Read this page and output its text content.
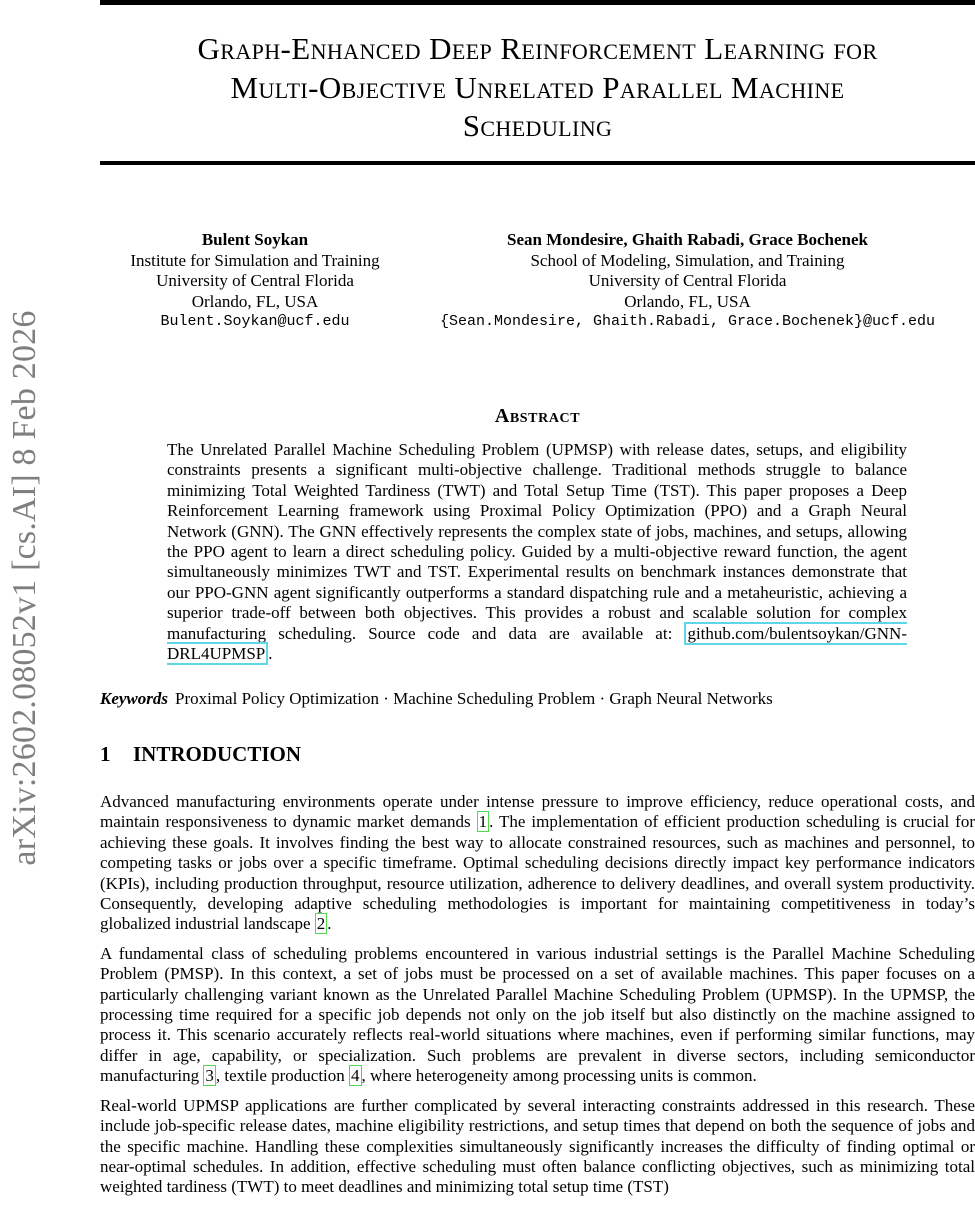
arXiv:2602.08052v1 [cs.AI] 8 Feb 2026
Graph-Enhanced Deep Reinforcement Learning for
Multi-Objective Unrelated Parallel Machine
Scheduling
Bulent Soykan
Institute for Simulation and Training
University of Central Florida
Orlando, FL, USA
Bulent.Soykan@ucf.edu
Sean Mondesire, Ghaith Rabadi, Grace Bochenek
School of Modeling, Simulation, and Training
University of Central Florida
Orlando, FL, USA
{Sean.Mondesire, Ghaith.Rabadi, Grace.Bochenek}@ucf.edu
Abstract
The Unrelated Parallel Machine Scheduling Problem (UPMSP) with release dates, setups, and eligibility constraints presents a significant multi-objective challenge. Traditional methods struggle to balance minimizing Total Weighted Tardiness (TWT) and Total Setup Time (TST). This paper proposes a Deep Reinforcement Learning framework using Proximal Policy Optimization (PPO) and a Graph Neural Network (GNN). The GNN effectively represents the complex state of jobs, machines, and setups, allowing the PPO agent to learn a direct scheduling policy. Guided by a multi-objective reward function, the agent simultaneously minimizes TWT and TST. Experimental results on benchmark instances demonstrate that our PPO-GNN agent significantly outperforms a standard dispatching rule and a metaheuristic, achieving a superior trade-off between both objectives. This provides a robust and scalable solution for complex manufacturing scheduling. Source code and data are available at: github.com/bulentsoykan/GNN-DRL4UPMSP .
Keywords Proximal Policy Optimization · Machine Scheduling Problem · Graph Neural Networks
1 INTRODUCTION

Advanced manufacturing environments operate under intense pressure to improve efficiency, reduce operational costs, and maintain responsiveness to dynamic market demands 1 . The implementation of efficient production scheduling is crucial for achieving these goals. It involves finding the best way to allocate constrained resources, such as machines and personnel, to competing tasks or jobs over a specific timeframe. Optimal scheduling decisions directly impact key performance indicators (KPIs), including production throughput, resource utilization, adherence to delivery deadlines, and overall system productivity. Consequently, developing adaptive scheduling methodologies is important for maintaining competitiveness in today’s globalized industrial landscape 2 .

A fundamental class of scheduling problems encountered in various industrial settings is the Parallel Machine Scheduling Problem (PMSP). In this context, a set of jobs must be processed on a set of available machines. This paper focuses on a particularly challenging variant known as the Unrelated Parallel Machine Scheduling Problem (UPMSP). In the UPMSP, the processing time required for a specific job depends not only on the job itself but also distinctly on the machine assigned to process it. This scenario accurately reflects real-world situations where machines, even if performing similar functions, may differ in age, capability, or specialization. Such problems are prevalent in diverse sectors, including semiconductor manufacturing 3 , textile production 4 , where heterogeneity among processing units is common.

Real-world UPMSP applications are further complicated by several interacting constraints addressed in this research. These include job-specific release dates, machine eligibility restrictions, and setup times that depend on both the sequence of jobs and the specific machine. Handling these complexities simultaneously significantly increases the difficulty of finding optimal or near-optimal schedules. In addition, effective scheduling must often balance conflicting objectives, such as minimizing total weighted tardiness (TWT) to meet deadlines and minimizing total setup time (TST)
